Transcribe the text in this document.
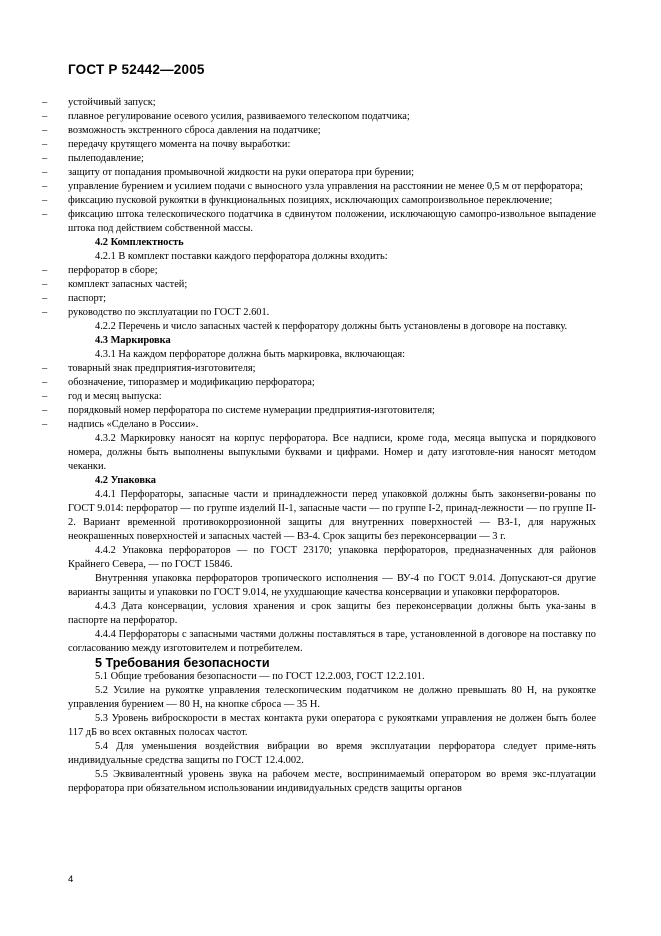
ГОСТ Р 52442—2005

– устойчивый запуск;

– плавное регулирование осевого усилия, развиваемого телескопом податчика;

– возможность экстренного сброса давления на податчике;

– передачу крутящего момента на почву выработки:

– пылеподавление;

– защиту от попадания промывочной жидкости на руки оператора при бурении;

– управление бурением и усилием подачи с выносного узла управления на расстоянии не менее 0,5 м от перфоратора;

– фиксацию пусковой рукоятки в функциональных позициях, исключающих самопроизвольное переключение;

– фиксацию штока телескопического податчика в сдвинутом положении, исключающую самопро-извольное выпадение штока под действием собственной массы.

4.2 Комплектность

4.2.1 В комплект поставки каждого перфоратора должны входить:

– перфоратор в сборе;

– комплект запасных частей;

– паспорт;

– руководство по эксплуатации по ГОСТ 2.601.

4.2.2 Перечень и число запасных частей к перфоратору должны быть установлены в договоре на поставку.

4.3 Маркировка

4.3.1 На каждом перфораторе должна быть маркировка, включающая:

– товарный знак предприятия-изготовителя;

– обозначение, типоразмер и модификацию перфоратора;

– год и месяц выпуска:

– порядковый номер перфоратора по системе нумерации предприятия-изготовителя;

– надпись «Сделано в России».

4.3.2 Маркировку наносят на корпус перфоратора. Все надписи, кроме года, месяца выпуска и порядкового номера, должны быть выполнены выпуклыми буквами и цифрами. Номер и дату изготовле-ния наносят методом чеканки.

4.2 Упаковка

4.4.1 Перфораторы, запасные части и принадлежности перед упаковкой должны быть законserви-рованы по ГОСТ 9.014: перфоратор — по группе изделий II-1, запасные части — по группе I-2, принад-лежности — по группе II-2. Вариант временной противокоррозионной защиты для внутренних поверхностей — ВЗ-1, для наружных неокрашенных поверхностей и запасных частей — ВЗ-4. Срок защиты без переконсервации — 3 г.

4.4.2 Упаковка перфораторов — по ГОСТ 23170; упаковка перфораторов, предназначенных для районов Крайнего Севера, — по ГОСТ 15846.

Внутренняя упаковка перфораторов тропического исполнения — ВУ-4 по ГОСТ 9.014. Допускают-ся другие варианты защиты и упаковки по ГОСТ 9.014, не ухудшающие качества консервации и упаковки перфораторов.

4.4.3 Дата консервации, условия хранения и срок защиты без переконсервации должны быть ука-заны в паспорте на перфоратор.

4.4.4 Перфораторы с запасными частями должны поставляться в таре, установленной в договоре на поставку по согласованию между изготовителем и потребителем.

5 Требования безопасности

5.1 Общие требования безопасности — по ГОСТ 12.2.003, ГОСТ 12.2.101.

5.2 Усилие на рукоятке управления телескопическим податчиком не должно превышать 80 Н, на рукоятке управления бурением — 80 Н, на кнопке сброса — 35 Н.

5.3 Уровень виброскорости в местах контакта руки оператора с рукоятками управления не должен быть более 117 дБ во всех октавных полосах частот.

5.4 Для уменьшения воздействия вибрации во время эксплуатации перфоратора следует приме-нять индивидуальные средства защиты по ГОСТ 12.4.002.

5.5 Эквивалентный уровень звука на рабочем месте, воспринимаемый оператором во время экс-плуатации перфоратора при обязательном использовании индивидуальных средств защиты органов

4
